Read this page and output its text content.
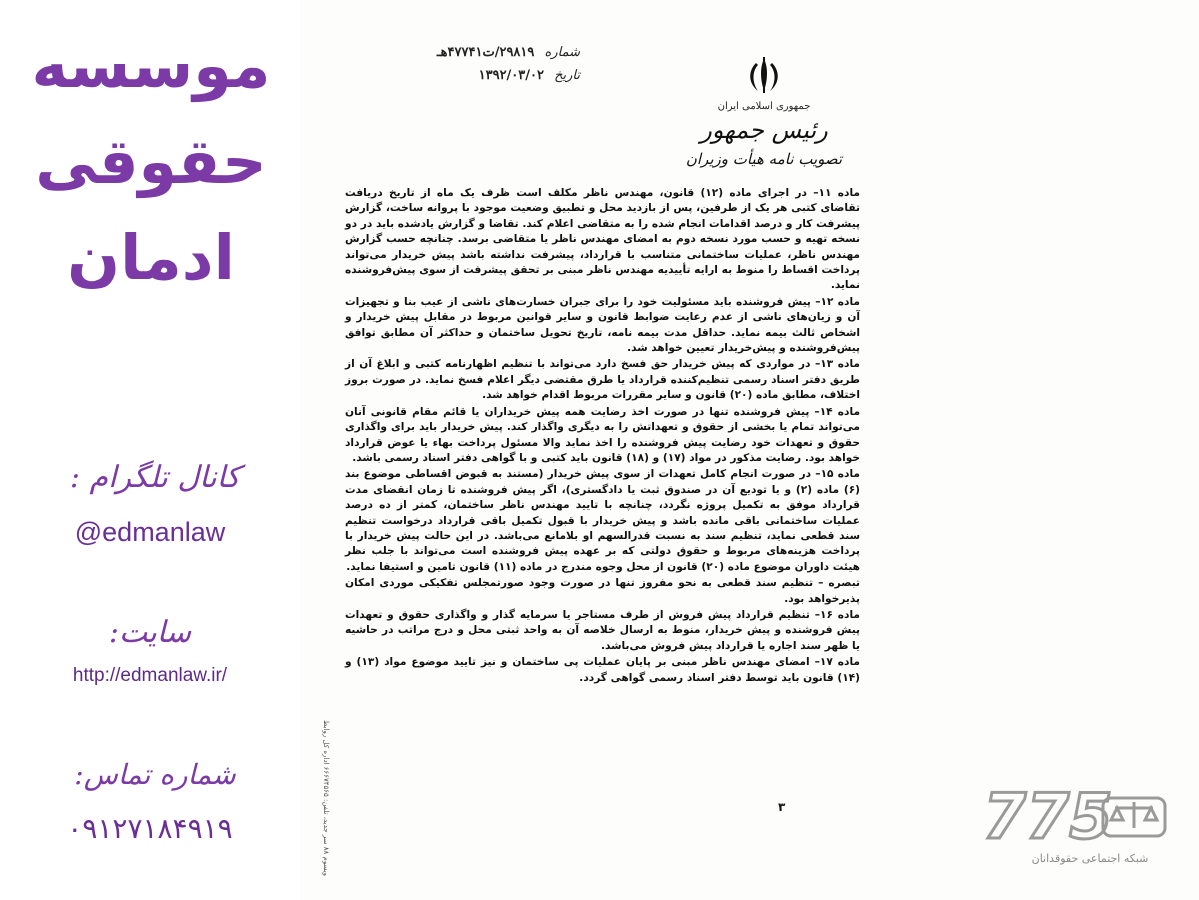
موسسه
حقوقی
ادمان
کانال تلگرام :
@edmanlaw
سایت:
http://edmanlaw.ir/
شماره تماس:
۰۹۱۲۷۱۸۴۹۱۹
شماره ۲۹۸۱۹/ت۴۷۷۴۱هـ
تاریخ ۱۳۹۲/۰۳/۰۲
جمهوری اسلامی ایران
رئیس جمهور
تصویب نامه هیأت وزیران

ماده ۱۱– در اجرای ماده (۱۲) قانون، مهندس ناظر مکلف است ظرف یک ماه از تاریخ دریافت تقاضای کتبی هر یک از طرفین، پس از بازدید محل و تطبیق وضعیت موجود با پروانه ساخت، گزارش پیشرفت کار و درصد اقدامات انجام شده را به متقاضی اعلام کند. تقاضا و گزارش یادشده باید در دو نسخه تهیه و حسب مورد نسخه دوم به امضای مهندس ناظر یا متقاضی برسد. چنانچه حسب گزارش مهندس ناظر، عملیات ساختمانی متناسب با قرارداد، پیشرفت نداشته باشد پیش خریدار می‌تواند پرداخت اقساط را منوط به ارایه تأییدیه مهندس ناظر مبنی بر تحقق پیشرفت از سوی پیش‌فروشنده نماید.

ماده ۱۲– پیش فروشنده باید مسئولیت خود را برای جبران خسارت‌های ناشی از عیب بنا و تجهیزات آن و زیان‌های ناشی از عدم رعایت ضوابط قانون و سایر قوانین مربوط در مقابل پیش خریدار و اشخاص ثالث بیمه نماید. حداقل مدت بیمه نامه، تاریخ تحویل ساختمان و حداکثر آن مطابق توافق پیش‌فروشنده و پیش‌خریدار تعیین خواهد شد.

ماده ۱۳– در مواردی که پیش خریدار حق فسخ دارد می‌تواند با تنظیم اظهارنامه کتبی و ابلاغ آن از طریق دفتر اسناد رسمی تنظیم‌کننده قرارداد یا طرق مقتضی دیگر اعلام فسخ نماید. در صورت بروز اختلاف، مطابق ماده (۲۰) قانون و سایر مقررات مربوط اقدام خواهد شد.

ماده ۱۴– پیش فروشنده تنها در صورت اخذ رضایت همه پیش خریداران یا قائم مقام قانونی آنان می‌تواند تمام یا بخشی از حقوق و تعهداتش را به دیگری واگذار کند. پیش خریدار باید برای واگذاری حقوق و تعهدات خود رضایت پیش فروشنده را اخذ نماید والا مسئول پرداخت بهاء یا عوض قرارداد خواهد بود. رضایت مذکور در مواد (۱۷) و (۱۸) قانون باید کتبی و با گواهی دفتر اسناد رسمی باشد.

ماده ۱۵– در صورت انجام کامل تعهدات از سوی پیش خریدار (مستند به قبوض اقساطی موضوع بند (۶) ماده (۲) و یا تودیع آن در صندوق ثبت یا دادگستری)، اگر پیش فروشنده تا زمان انقضای مدت قرارداد موفق به تکمیل پروژه نگردد، چنانچه با تایید مهندس ناظر ساختمان، کمتر از ده درصد عملیات ساختمانی باقی مانده باشد و پیش خریدار با قبول تکمیل باقی قرارداد درخواست تنظیم سند قطعی نماید، تنظیم سند به نسبت قدرالسهم او بلامانع می‌باشد. در این حالت پیش خریدار با پرداخت هزینه‌های مربوط و حقوق دولتی که بر عهده پیش فروشنده است می‌تواند با جلب نظر هیئت داوران موضوع ماده (۲۰) قانون از محل وجوه مندرج در ماده (۱۱) قانون تامین و استیفا نماید.

تبصره – تنظیم سند قطعی به نحو مفروز تنها در صورت وجود صورتمجلس تفکیکی موردی امکان پذیرخواهد بود.

ماده ۱۶– تنظیم قرارداد پیش فروش از طرف مستاجر یا سرمایه گذار و واگذاری حقوق و تعهدات پیش فروشنده و پیش خریدار، منوط به ارسال خلاصه آن به واحد ثبتی محل و درج مراتب در حاشیه یا ظهر سند اجاره یا قرارداد پیش فروش می‌باشد.

ماده ۱۷– امضای مهندس ناظر مبنی بر پایان عملیات پی ساختمان و نیز تایید موضوع مواد (۱۳) و (۱۴) قانون باید توسط دفتر اسناد رسمی گواهی گردد.

۳
ویسوم ۸۸ سر جدید، تلفن: ۶۶۶۷۴۵۶۵ اداره کل روابط
775
شبکه اجتماعی حقوقدانان
